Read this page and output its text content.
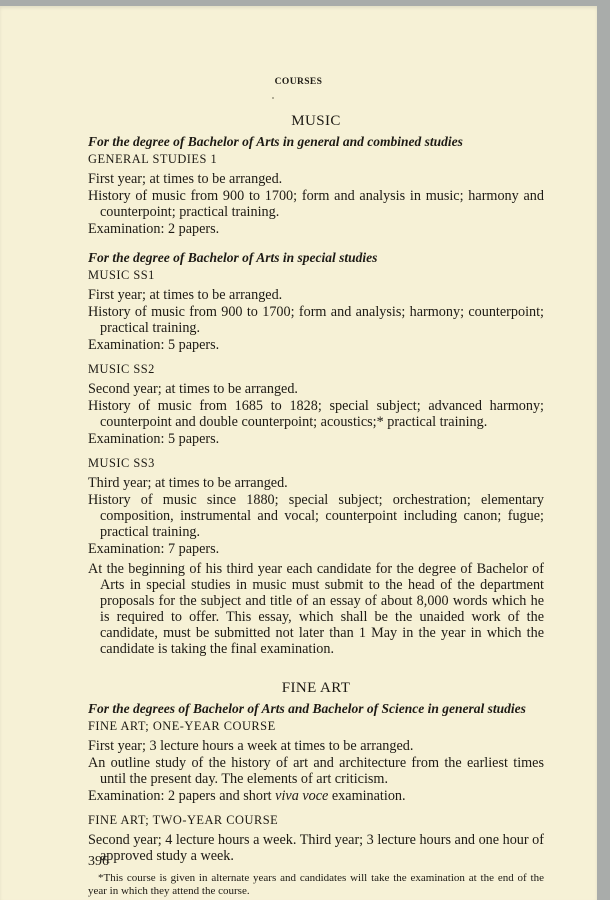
COURSES
MUSIC
For the degree of Bachelor of Arts in general and combined studies
GENERAL STUDIES 1
First year; at times to be arranged.
History of music from 900 to 1700; form and analysis in music; harmony and counterpoint; practical training.
Examination: 2 papers.
For the degree of Bachelor of Arts in special studies
MUSIC SS1
First year; at times to be arranged.
History of music from 900 to 1700; form and analysis; harmony; counterpoint; practical training.
Examination: 5 papers.
MUSIC SS2
Second year; at times to be arranged.
History of music from 1685 to 1828; special subject; advanced harmony; counterpoint and double counterpoint; acoustics;* practical training.
Examination: 5 papers.
MUSIC SS3
Third year; at times to be arranged.
History of music since 1880; special subject; orchestration; elementary composition, instrumental and vocal; counterpoint including canon; fugue; practical training.
Examination: 7 papers.
At the beginning of his third year each candidate for the degree of Bachelor of Arts in special studies in music must submit to the head of the department proposals for the subject and title of an essay of about 8,000 words which he is required to offer. This essay, which shall be the unaided work of the candidate, must be submitted not later than 1 May in the year in which the candidate is taking the final examination.
FINE ART
For the degrees of Bachelor of Arts and Bachelor of Science in general studies
FINE ART; ONE-YEAR COURSE
First year; 3 lecture hours a week at times to be arranged.
An outline study of the history of art and architecture from the earliest times until the present day. The elements of art criticism.
Examination: 2 papers and short viva voce examination.
FINE ART; TWO-YEAR COURSE
Second year; 4 lecture hours a week. Third year; 3 lecture hours and one hour of approved study a week.
*This course is given in alternate years and candidates will take the examination at the end of the year in which they attend the course.
396
